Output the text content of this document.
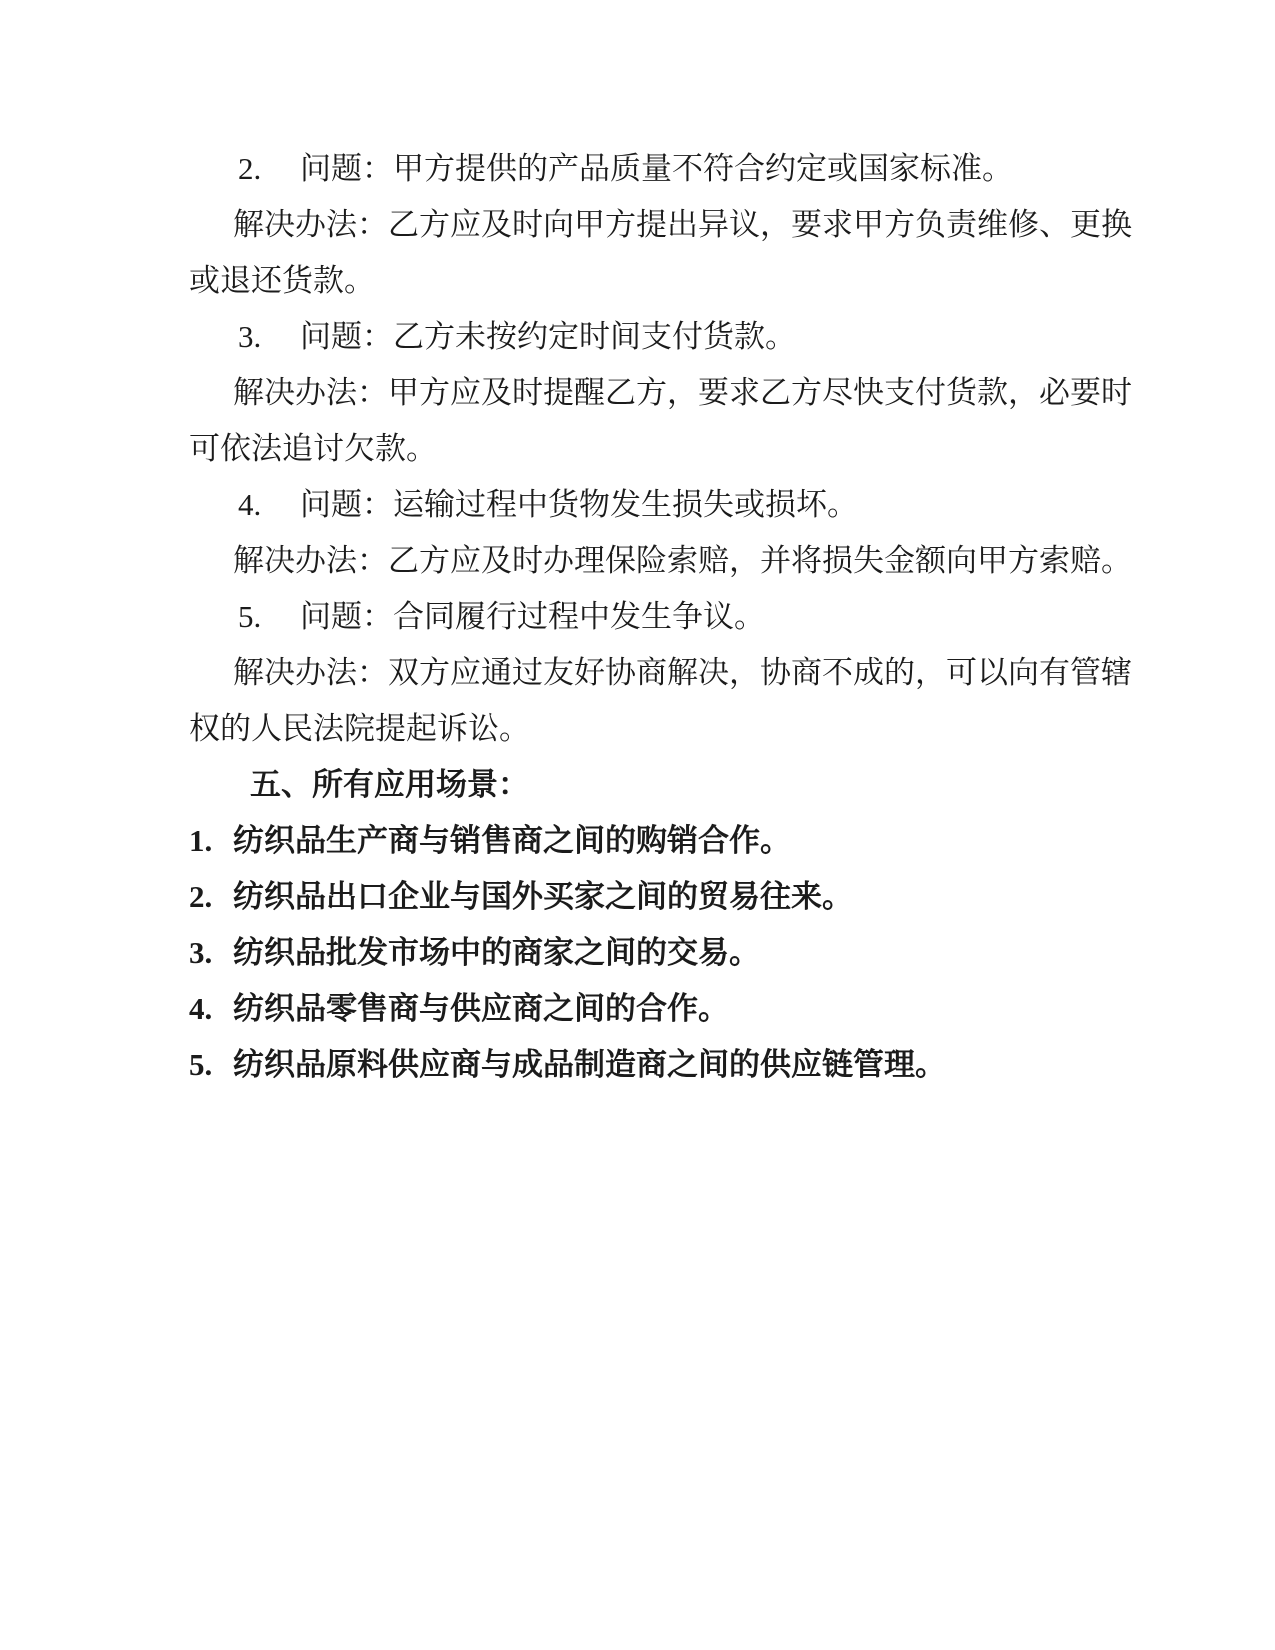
2. 问题：甲方提供的产品质量不符合约定或国家标准。
解决办法：乙方应及时向甲方提出异议，要求甲方负责维修、更换
或退还货款。
3. 问题：乙方未按约定时间支付货款。
解决办法：甲方应及时提醒乙方，要求乙方尽快支付货款，必要时
可依法追讨欠款。
4. 问题：运输过程中货物发生损失或损坏。
解决办法：乙方应及时办理保险索赔，并将损失金额向甲方索赔。
5. 问题：合同履行过程中发生争议。
解决办法：双方应通过友好协商解决，协商不成的，可以向有管辖
权的人民法院提起诉讼。
五、所有应用场景：
1. 纺织品生产商与销售商之间的购销合作。
2. 纺织品出口企业与国外买家之间的贸易往来。
3. 纺织品批发市场中的商家之间的交易。
4. 纺织品零售商与供应商之间的合作。
5. 纺织品原料供应商与成品制造商之间的供应链管理。
